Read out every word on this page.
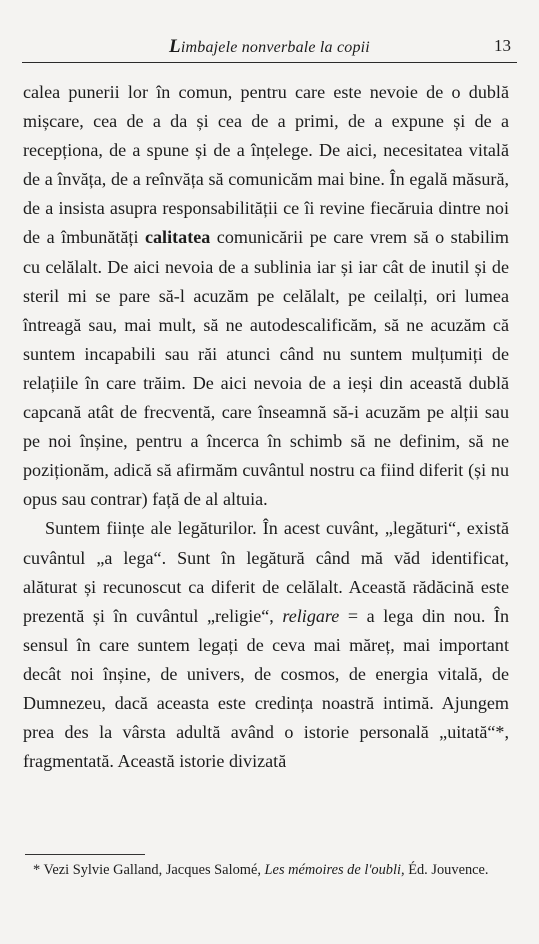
Limbajele nonverbale la copii	13

calea punerii lor în comun, pentru care este nevoie de o dublă mișcare, cea de a da și cea de a primi, de a expune și de a recepționa, de a spune și de a înțelege. De aici, necesitatea vitală de a învăța, de a reînvăța să comunicăm mai bine. În egală măsură, de a insista asupra responsabilității ce îi revine fiecăruia dintre noi de a îmbunătăți calitatea comunicării pe care vrem să o stabilim cu celălalt. De aici nevoia de a sublinia iar și iar cât de inutil și de steril mi se pare să-l acuzăm pe celălalt, pe ceilalți, ori lumea întreagă sau, mai mult, să ne autodescalificăm, să ne acuzăm că suntem incapabili sau răi atunci când nu suntem mulțumiți de relațiile în care trăim. De aici nevoia de a ieși din această dublă capcană atât de frecventă, care înseamnă să-i acuzăm pe alții sau pe noi înșine, pentru a încerca în schimb să ne definim, să ne poziționăm, adică să afirmăm cuvântul nostru ca fiind diferit (și nu opus sau contrar) față de al altuia.

Suntem ființe ale legăturilor. În acest cuvânt, „legături“, există cuvântul „a lega“. Sunt în legătură când mă văd identificat, alăturat și recunoscut ca diferit de celălalt. Această rădăcină este prezentă și în cuvântul „religie“, religare = a lega din nou. În sensul în care suntem legați de ceva mai măreț, mai important decât noi înșine, de univers, de cosmos, de energia vitală, de Dumnezeu, dacă aceasta este credința noastră intimă. Ajungem prea des la vârsta adultă având o istorie personală „uitată“*, fragmentată. Această istorie divizată

* Vezi Sylvie Galland, Jacques Salomé, Les mémoires de l'oubli, Éd. Jouvence.
